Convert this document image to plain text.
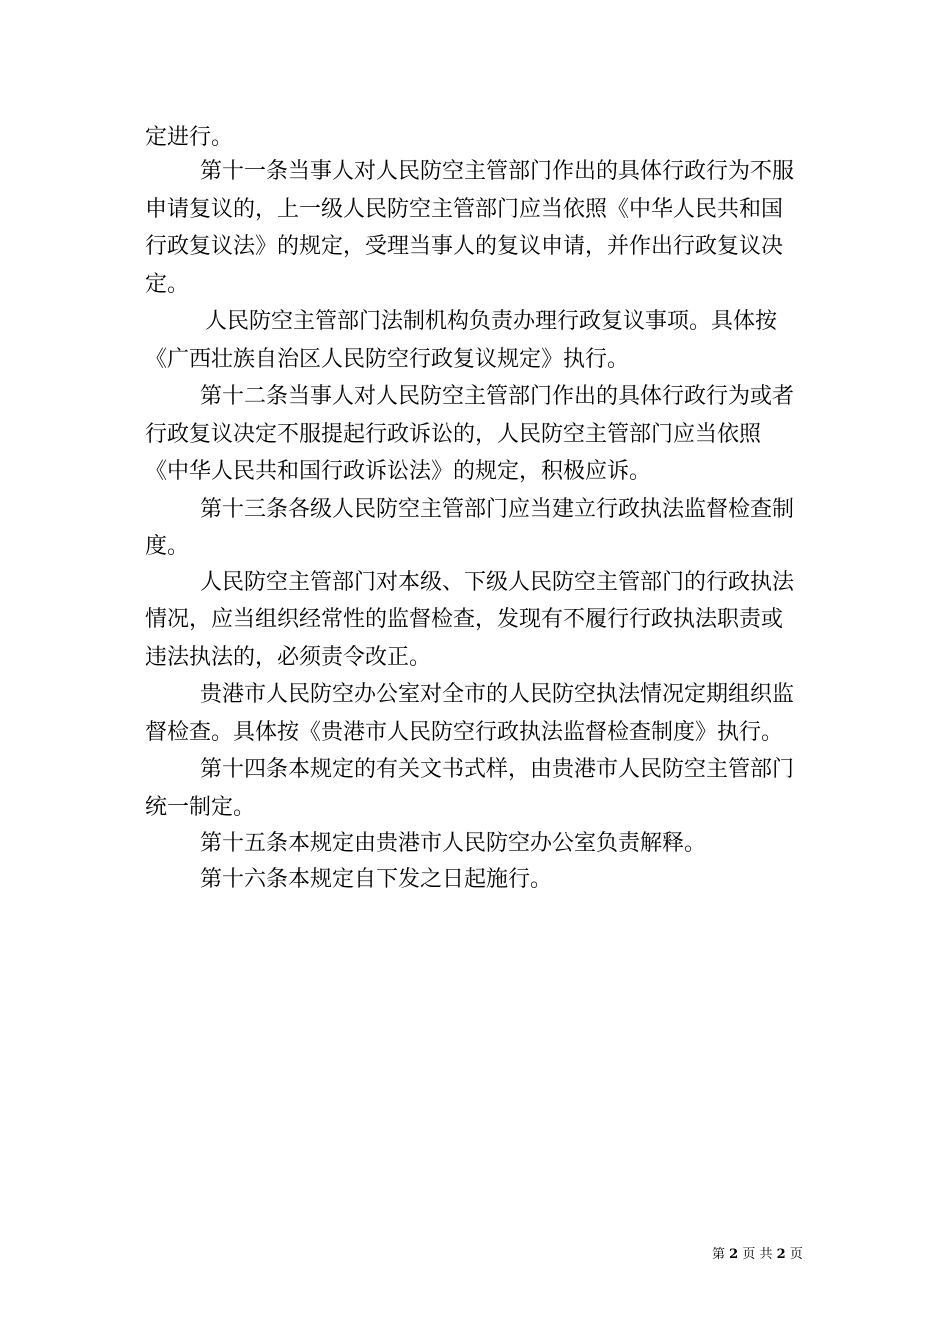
定进行。
第十一条当事人对人民防空主管部门作出的具体行政行为不服
申请复议的，上一级人民防空主管部门应当依照《中华人民共和国
行政复议法》的规定，受理当事人的复议申请，并作出行政复议决
定。
人民防空主管部门法制机构负责办理行政复议事项。具体按
《广西壮族自治区人民防空行政复议规定》执行。
第十二条当事人对人民防空主管部门作出的具体行政行为或者
行政复议决定不服提起行政诉讼的，人民防空主管部门应当依照
《中华人民共和国行政诉讼法》的规定，积极应诉。
第十三条各级人民防空主管部门应当建立行政执法监督检查制
度。
人民防空主管部门对本级、下级人民防空主管部门的行政执法
情况，应当组织经常性的监督检查，发现有不履行行政执法职责或
违法执法的，必须责令改正。
贵港市人民防空办公室对全市的人民防空执法情况定期组织监
督检查。具体按《贵港市人民防空行政执法监督检查制度》执行。
第十四条本规定的有关文书式样，由贵港市人民防空主管部门
统一制定。
第十五条本规定由贵港市人民防空办公室负责解释。
第十六条本规定自下发之日起施行。
第 2 页 共 2 页
